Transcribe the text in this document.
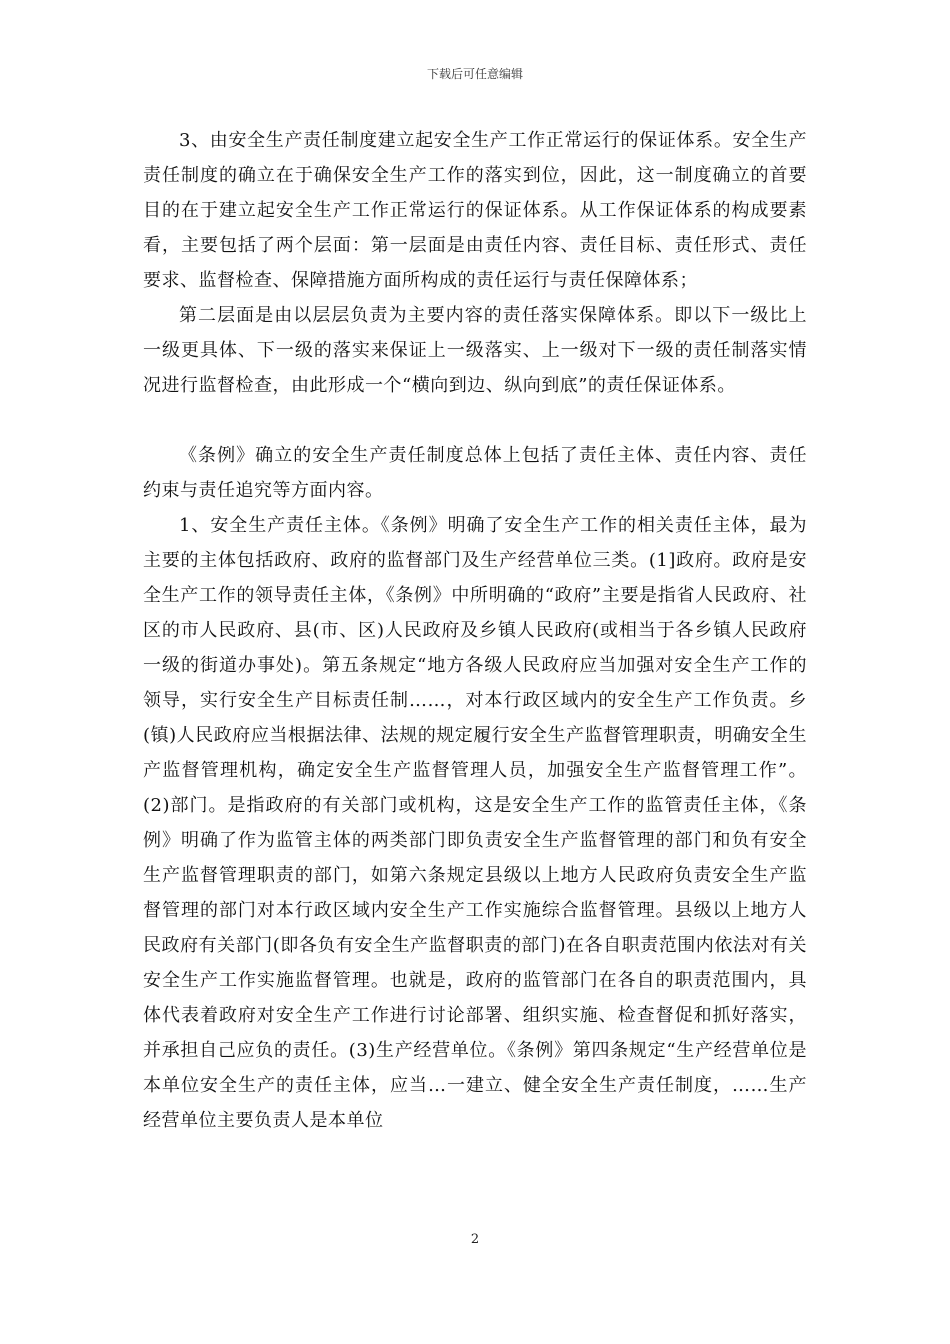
下载后可任意编辑

3、由安全生产责任制度建立起安全生产工作正常运行的保证体系。安全生产责任制度的确立在于确保安全生产工作的落实到位，因此，这一制度确立的首要目的在于建立起安全生产工作正常运行的保证体系。从工作保证体系的构成要素看，主要包括了两个层面：第一层面是由责任内容、责任目标、责任形式、责任要求、监督检查、保障措施方面所构成的责任运行与责任保障体系；

第二层面是由以层层负责为主要内容的责任落实保障体系。即以下一级比上一级更具体、下一级的落实来保证上一级落实、上一级对下一级的责任制落实情况进行监督检查，由此形成一个“横向到边、纵向到底”的责任保证体系。

《条例》确立的安全生产责任制度总体上包括了责任主体、责任内容、责任约束与责任追究等方面内容。

1、安全生产责任主体。《条例》明确了安全生产工作的相关责任主体，最为主要的主体包括政府、政府的监督部门及生产经营单位三类。(1]政府。政府是安全生产工作的领导责任主体，《条例》中所明确的“政府”主要是指省人民政府、社区的市人民政府、县(市、区)人民政府及乡镇人民政府(或相当于各乡镇人民政府一级的街道办事处)。第五条规定“地方各级人民政府应当加强对安全生产工作的领导，实行安全生产目标责任制……，对本行政区域内的安全生产工作负责。乡(镇)人民政府应当根据法律、法规的规定履行安全生产监督管理职责，明确安全生产监督管理机构，确定安全生产监督管理人员，加强安全生产监督管理工作”。(2)部门。是指政府的有关部门或机构，这是安全生产工作的监管责任主体，《条例》明确了作为监管主体的两类部门即负责安全生产监督管理的部门和负有安全生产监督管理职责的部门，如第六条规定县级以上地方人民政府负责安全生产监督管理的部门对本行政区域内安全生产工作实施综合监督管理。县级以上地方人民政府有关部门(即各负有安全生产监督职责的部门)在各自职责范围内依法对有关安全生产工作实施监督管理。也就是，政府的监管部门在各自的职责范围内，具体代表着政府对安全生产工作进行讨论部署、组织实施、检查督促和抓好落实，并承担自己应负的责任。(3)生产经营单位。《条例》第四条规定“生产经营单位是本单位安全生产的责任主体，应当…一建立、健全安全生产责任制度，……生产经营单位主要负责人是本单位

2
